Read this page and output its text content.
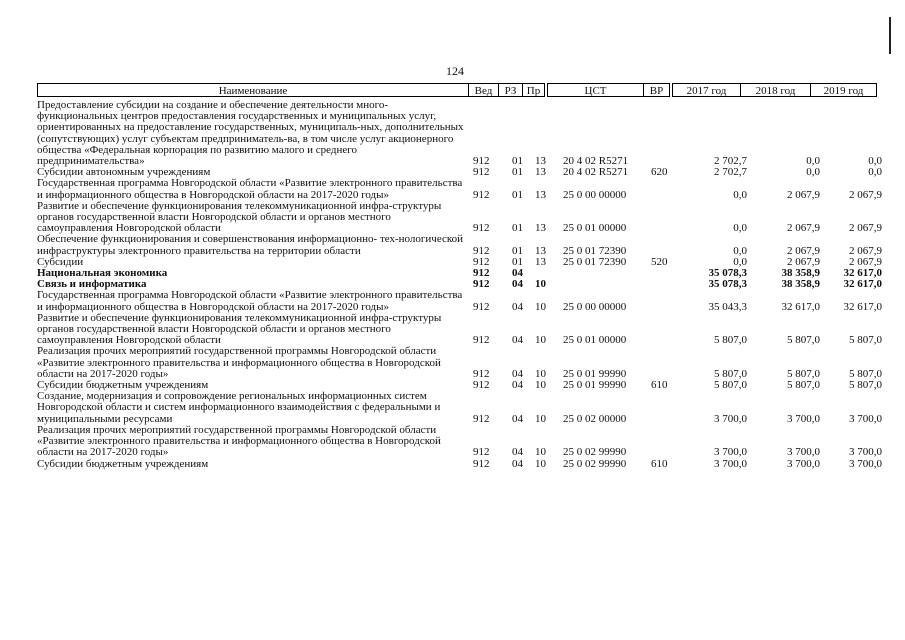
124
Наименование	Вед	РЗ Пр	ЦСТ	ВР	2017 год	2018 год	2019 год
Предоставление субсидии на создание и обеспечение деятельности много-функциональных центров предоставления государственных и муниципальных услуг, ориентированных на предоставление государственных, муниципаль-ных, дополнительных (сопутствующих) услуг субъектам предприниматель-ва, в том числе услуг акционерного общества «Федеральная корпорация по развитию малого и среднего предпринимательства»	912	01	13	20 4 02 R5271	2 702,7	0,0	0,0
Субсидии автономным учреждениям	912	01	13	20 4 02 R5271	620	2 702,7	0,0	0,0
Государственная программа Новгородской области «Развитие электронного правительства и информационного общества в Новгородской области на 2017-2020 годы»	912	01	13	25 0 00 00000	0,0	2 067,9	2 067,9
Развитие и обеспечение функционирования телекоммуникационной инфра-структуры органов государственной власти Новгородской области и органов местного самоуправления Новгородской области	912	01	13	25 0 01 00000	0,0	2 067,9	2 067,9
Обеспечение функционирования и совершенствования информационно- тех-нологической инфраструктуры электронного правительства на территории области	912	01	13	25 0 01 72390	0,0	2 067,9	2 067,9
Субсидии	912	01	13	25 0 01 72390	520	0,0	2 067,9	2 067,9
Национальная экономика	912	04	35 078,3	38 358,9	32 617,0
Связь и информатика	912	04	10	35 078,3	38 358,9	32 617,0
Государственная программа Новгородской области «Развитие электронного правительства и информационного общества в Новгородской области на 2017-2020 годы»	912	04	10	25 0 00 00000	35 043,3	32 617,0	32 617,0
Развитие и обеспечение функционирования телекоммуникационной инфра-структуры органов государственной власти Новгородской области и органов местного самоуправления Новгородской области	912	04	10	25 0 01 00000	5 807,0	5 807,0	5 807,0
Реализация прочих мероприятий государственной программы Новгородской области «Развитие электронного правительства и информационного общества в Новгородской области на 2017-2020 годы»	912	04	10	25 0 01 99990	5 807,0	5 807,0	5 807,0
Субсидии бюджетным учреждениям	912	04	10	25 0 01 99990	610	5 807,0	5 807,0	5 807,0
Создание, модернизация и сопровождение региональных информационных систем Новгородской области и систем информационного взаимодействия с федеральными и муниципальными ресурсами	912	04	10	25 0 02 00000	3 700,0	3 700,0	3 700,0
Реализация прочих мероприятий государственной программы Новгородской области «Развитие электронного правительства и информационного общества в Новгородской области на 2017-2020 годы»	912	04	10	25 0 02 99990	3 700,0	3 700,0	3 700,0
Субсидии бюджетным учреждениям	912	04	10	25 0 02 99990	610	3 700,0	3 700,0	3 700,0
